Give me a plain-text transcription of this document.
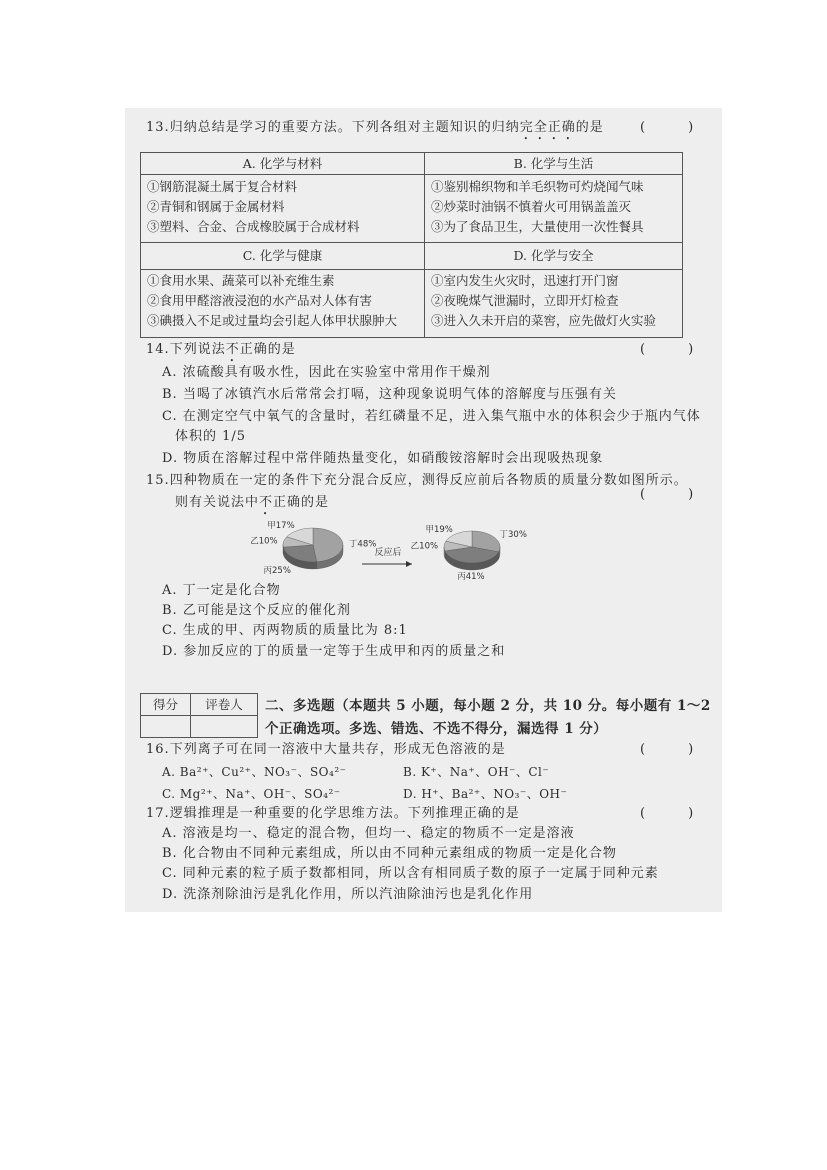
13.归纳总结是学习的重要方法。下列各组对主题知识的归纳完全正确的是	(　　　)
A. 化学与材料
①钢筋混凝土属于复合材料
②青铜和钢属于金属材料
③塑料、合金、合成橡胶属于合成材料
B. 化学与生活
①鉴别棉织物和羊毛织物可灼烧闻气味
②炒菜时油锅不慎着火可用锅盖盖灭
③为了食品卫生，大量使用一次性餐具
C. 化学与健康
①食用水果、蔬菜可以补充维生素
②食用甲醛溶液浸泡的水产品对人体有害
③碘摄入不足或过量均会引起人体甲状腺肿大
D. 化学与安全
①室内发生火灾时，迅速打开门窗
②夜晚煤气泄漏时，立即开灯检查
③进入久未开启的菜窖，应先做灯火实验
14.下列说法不正确的是	(　　　)
A. 浓硫酸具有吸水性，因此在实验室中常用作干燥剂
B. 当喝了冰镇汽水后常常会打嗝，这种现象说明气体的溶解度与压强有关
C. 在测定空气中氧气的含量时，若红磷量不足，进入集气瓶中水的体积会少于瓶内气体
体积的 1/5
D. 物质在溶解过程中常伴随热量变化，如硝酸铵溶解时会出现吸热现象
15.四种物质在一定的条件下充分混合反应，测得反应前后各物质的质量分数如图所示。
则有关说法中不正确的是
(　　　)
反应后
丁48%
丙25%
乙10%
甲17%
丁30%
丙41%
乙10%
甲19%
A. 丁一定是化合物
B. 乙可能是这个反应的催化剂
C. 生成的甲、丙两物质的质量比为 8:1
D. 参加反应的丁的质量一定等于生成甲和丙的质量之和
得分	评卷人	二、多选题（本题共 5 小题，每小题 2 分，共 10 分。每小题有 1～2
个正确选项。多选、错选、不选不得分，漏选得 1 分）
16.下列离子可在同一溶液中大量共存，形成无色溶液的是	(　　　)
A. Ba²⁺、Cu²⁺、NO₃⁻、SO₄²⁻	B. K⁺、Na⁺、OH⁻、Cl⁻
C. Mg²⁺、Na⁺、OH⁻、SO₄²⁻	D. H⁺、Ba²⁺、NO₃⁻、OH⁻
17.逻辑推理是一种重要的化学思维方法。下列推理正确的是	(　　　)
A. 溶液是均一、稳定的混合物，但均一、稳定的物质不一定是溶液
B. 化合物由不同种元素组成，所以由不同种元素组成的物质一定是化合物
C. 同种元素的粒子质子数都相同，所以含有相同质子数的原子一定属于同种元素
D. 洗涤剂除油污是乳化作用，所以汽油除油污也是乳化作用
